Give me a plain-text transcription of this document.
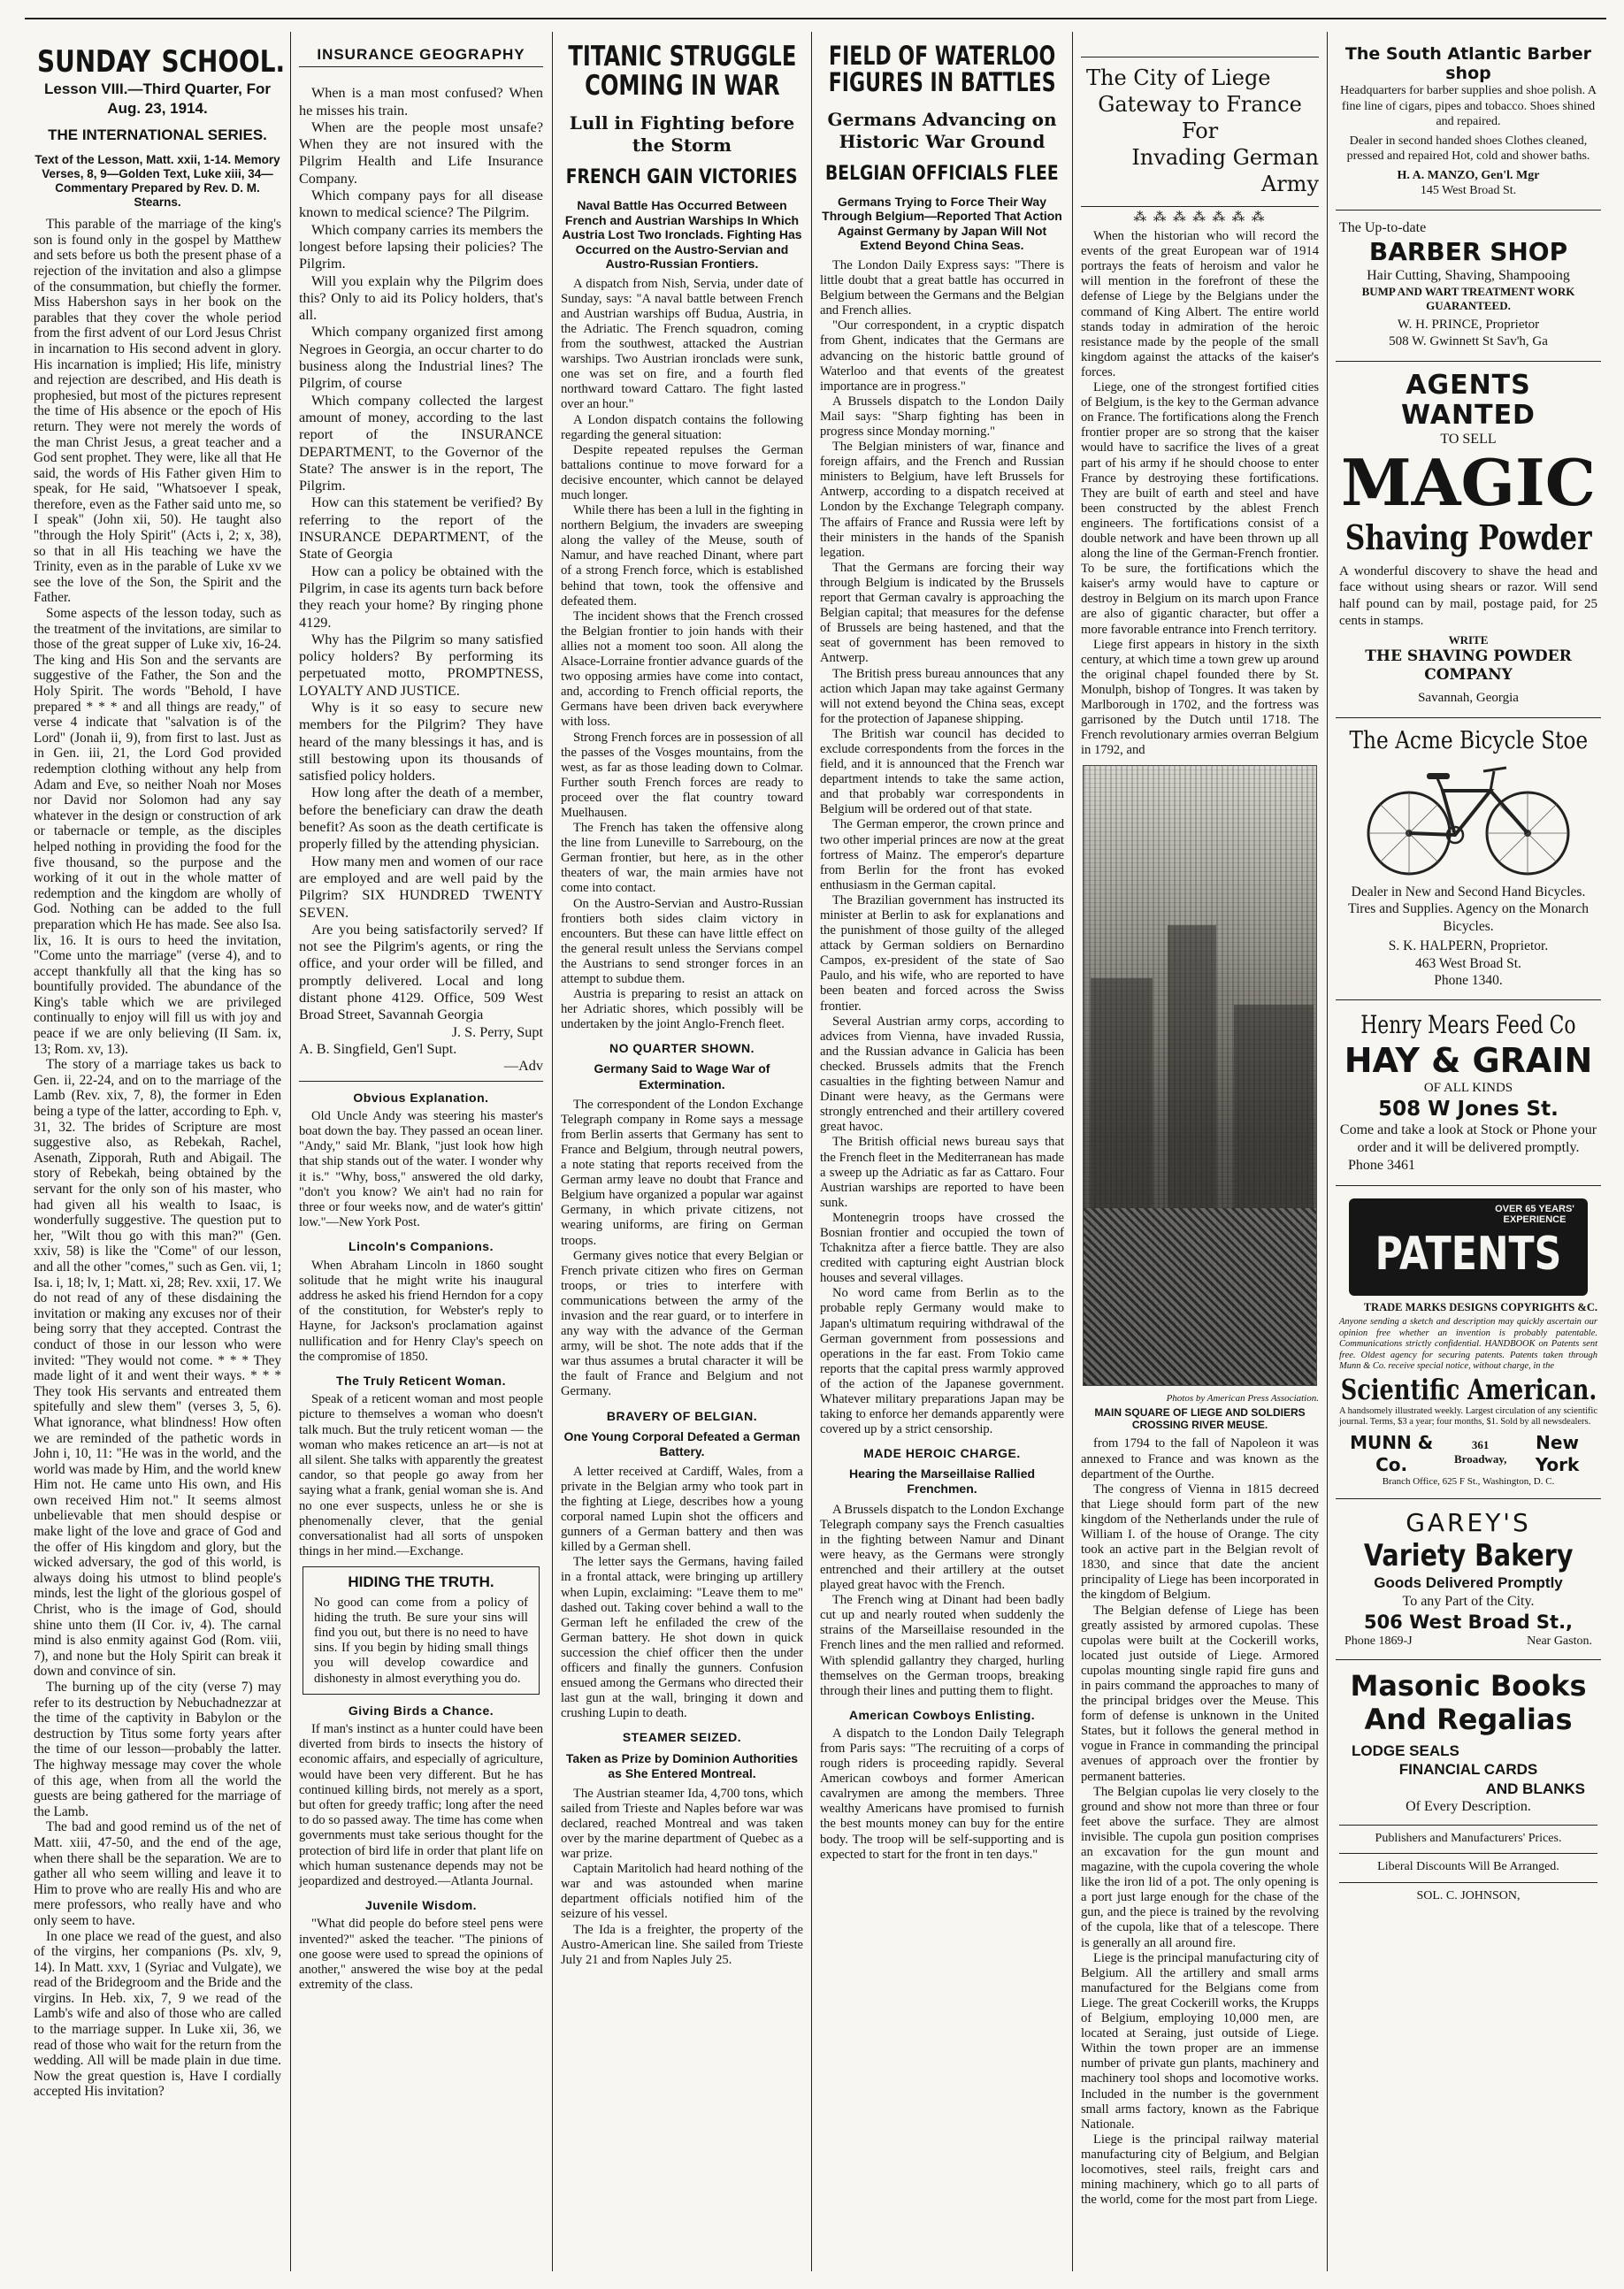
SUNDAY SCHOOL.
Lesson VIII.—Third Quarter, For Aug. 23, 1914.
THE INTERNATIONAL SERIES.
Text of the Lesson, Matt. xxii, 1-14. Memory Verses, 8, 9—Golden Text, Luke xiii, 34—Commentary Prepared by Rev. D. M. Stearns.

This parable of the marriage of the king's son is found only in the gospel by Matthew and sets before us both the present phase of a rejection of the invitation and also a glimpse of the consummation, but chiefly the former. Miss Habershon says in her book on the parables that they cover the whole period from the first advent of our Lord Jesus Christ in incarnation to His second advent in glory. His incarnation is implied; His life, ministry and rejection are described, and His death is prophesied, but most of the pictures represent the time of His absence or the epoch of His return. They were not merely the words of the man Christ Jesus, a great teacher and a God sent prophet. They were, like all that He said, the words of His Father given Him to speak, for He said, "Whatsoever I speak, therefore, even as the Father said unto me, so I speak" (John xii, 50). He taught also "through the Holy Spirit" (Acts i, 2; x, 38), so that in all His teaching we have the Trinity, even as in the parable of Luke xv we see the love of the Son, the Spirit and the Father.

Some aspects of the lesson today, such as the treatment of the invitations, are similar to those of the great supper of Luke xiv, 16-24. The king and His Son and the servants are suggestive of the Father, the Son and the Holy Spirit. The words "Behold, I have prepared * * * and all things are ready," of verse 4 indicate that "salvation is of the Lord" (Jonah ii, 9), from first to last. Just as in Gen. iii, 21, the Lord God provided redemption clothing without any help from Adam and Eve, so neither Noah nor Moses nor David nor Solomon had any say whatever in the design or construction of ark or tabernacle or temple, as the disciples helped nothing in providing the food for the five thousand, so the purpose and the working of it out in the whole matter of redemption and the kingdom are wholly of God. Nothing can be added to the full preparation which He has made. See also Isa. lix, 16. It is ours to heed the invitation, "Come unto the marriage" (verse 4), and to accept thankfully all that the king has so bountifully provided. The abundance of the King's table which we are privileged continually to enjoy will fill us with joy and peace if we are only believing (II Sam. ix, 13; Rom. xv, 13).

The story of a marriage takes us back to Gen. ii, 22-24, and on to the marriage of the Lamb (Rev. xix, 7, 8), the former in Eden being a type of the latter, according to Eph. v, 31, 32. The brides of Scripture are most suggestive also, as Rebekah, Rachel, Asenath, Zipporah, Ruth and Abigail. The story of Rebekah, being obtained by the servant for the only son of his master, who had given all his wealth to Isaac, is wonderfully suggestive. The question put to her, "Wilt thou go with this man?" (Gen. xxiv, 58) is like the "Come" of our lesson, and all the other "comes," such as Gen. vii, 1; Isa. i, 18; lv, 1; Matt. xi, 28; Rev. xxii, 17. We do not read of any of these disdaining the invitation or making any excuses nor of their being sorry that they accepted. Contrast the conduct of those in our lesson who were invited: "They would not come. * * * They made light of it and went their ways. * * * They took His servants and entreated them spitefully and slew them" (verses 3, 5, 6). What ignorance, what blindness! How often we are reminded of the pathetic words in John i, 10, 11: "He was in the world, and the world was made by Him, and the world knew Him not. He came unto His own, and His own received Him not." It seems almost unbelievable that men should despise or make light of the love and grace of God and the offer of His kingdom and glory, but the wicked adversary, the god of this world, is always doing his utmost to blind people's minds, lest the light of the glorious gospel of Christ, who is the image of God, should shine unto them (II Cor. iv, 4). The carnal mind is also enmity against God (Rom. viii, 7), and none but the Holy Spirit can break it down and convince of sin.

The burning up of the city (verse 7) may refer to its destruction by Nebuchadnezzar at the time of the captivity in Babylon or the destruction by Titus some forty years after the time of our lesson—probably the latter. The highway message may cover the whole of this age, when from all the world the guests are being gathered for the marriage of the Lamb.

The bad and good remind us of the net of Matt. xiii, 47-50, and the end of the age, when there shall be the separation. We are to gather all who seem willing and leave it to Him to prove who are really His and who are mere professors, who really have and who only seem to have.

In one place we read of the guest, and also of the virgins, her companions (Ps. xlv, 9, 14). In Matt. xxv, 1 (Syriac and Vulgate), we read of the Bridegroom and the Bride and the virgins. In Heb. xix, 7, 9 we read of the Lamb's wife and also of those who are called to the marriage supper. In Luke xii, 36, we read of those who wait for the return from the wedding. All will be made plain in due time. Now the great question is, Have I cordially accepted His invitation?

INSURANCE GEOGRAPHY

When is a man most confused? When he misses his train.

When are the people most unsafe? When they are not insured with the Pilgrim Health and Life Insurance Company.

Which company pays for all disease known to medical science? The Pilgrim.

Which company carries its members the longest before lapsing their policies? The Pilgrim.

Will you explain why the Pilgrim does this? Only to aid its Policy holders, that's all.

Which company organized first among Negroes in Georgia, an occur charter to do business along the Industrial lines? The Pilgrim, of course

Which company collected the largest amount of money, according to the last report of the INSURANCE DEPARTMENT, to the Governor of the State? The answer is in the report, The Pilgrim.

How can this statement be verified? By referring to the report of the INSURANCE DEPARTMENT, of the State of Georgia

How can a policy be obtained with the Pilgrim, in case its agents turn back before they reach your home? By ringing phone 4129.

Why has the Pilgrim so many satisfied policy holders? By performing its perpetuated motto, PROMPTNESS, LOYALTY AND JUSTICE.

Why is it so easy to secure new members for the Pilgrim? They have heard of the many blessings it has, and is still bestowing upon its thousands of satisfied policy holders.

How long after the death of a member, before the beneficiary can draw the death benefit? As soon as the death certificate is properly filled by the attending physician.

How many men and women of our race are employed and are well paid by the Pilgrim? SIX HUNDRED TWENTY SEVEN.

Are you being satisfactorily served? If not see the Pilgrim's agents, or ring the office, and your order will be filled, and promptly delivered. Local and long distant phone 4129. Office, 509 West Broad Street, Savannah Georgia

J. S. Perry, Supt
A. B. Singfield, Gen'l Supt.
—Adv
Obvious Explanation.

Old Uncle Andy was steering his master's boat down the bay. They passed an ocean liner. "Andy," said Mr. Blank, "just look how high that ship stands out of the water. I wonder why it is." "Why, boss," answered the old darky, "don't you know? We ain't had no rain for three or four weeks now, and de water's gittin' low."—New York Post.

Lincoln's Companions.

When Abraham Lincoln in 1860 sought solitude that he might write his inaugural address he asked his friend Herndon for a copy of the constitution, for Webster's reply to Hayne, for Jackson's proclamation against nullification and for Henry Clay's speech on the compromise of 1850.

The Truly Reticent Woman.

Speak of a reticent woman and most people picture to themselves a woman who doesn't talk much. But the truly reticent woman — the woman who makes reticence an art—is not at all silent. She talks with apparently the greatest candor, so that people go away from her saying what a frank, genial woman she is. And no one ever suspects, unless he or she is phenomenally clever, that the genial conversationalist had all sorts of unspoken things in her mind.—Exchange.

HIDING THE TRUTH.
No good can come from a policy of hiding the truth. Be sure your sins will find you out, but there is no need to have sins. If you begin by hiding small things you will develop cowardice and dishonesty in almost everything you do.
Giving Birds a Chance.

If man's instinct as a hunter could have been diverted from birds to insects the history of economic affairs, and especially of agriculture, would have been very different. But he has continued killing birds, not merely as a sport, but often for greedy traffic; long after the need to do so passed away. The time has come when governments must take serious thought for the protection of bird life in order that plant life on which human sustenance depends may not be jeopardized and destroyed.—Atlanta Journal.

Juvenile Wisdom.

"What did people do before steel pens were invented?" asked the teacher. "The pinions of one goose were used to spread the opinions of another," answered the wise boy at the pedal extremity of the class.

TITANIC STRUGGLE
COMING IN WAR
Lull in Fighting before the Storm
FRENCH GAIN VICTORIES
Naval Battle Has Occurred Between French and Austrian Warships In Which Austria Lost Two Ironclads. Fighting Has Occurred on the Austro-Servian and Austro-Russian Frontiers.

A dispatch from Nish, Servia, under date of Sunday, says: "A naval battle between French and Austrian warships off Budua, Austria, in the Adriatic. The French squadron, coming from the southwest, attacked the Austrian warships. Two Austrian ironclads were sunk, one was set on fire, and a fourth fled northward toward Cattaro. The fight lasted over an hour."

A London dispatch contains the following regarding the general situation:

Despite repeated repulses the German battalions continue to move forward for a decisive encounter, which cannot be delayed much longer.

While there has been a lull in the fighting in northern Belgium, the invaders are sweeping along the valley of the Meuse, south of Namur, and have reached Dinant, where part of a strong French force, which is established behind that town, took the offensive and defeated them.

The incident shows that the French crossed the Belgian frontier to join hands with their allies not a moment too soon. All along the Alsace-Lorraine frontier advance guards of the two opposing armies have come into contact, and, according to French official reports, the Germans have been driven back everywhere with loss.

Strong French forces are in possession of all the passes of the Vosges mountains, from the west, as far as those leading down to Colmar. Further south French forces are ready to proceed over the flat country toward Muelhausen.

The French has taken the offensive along the line from Luneville to Sarrebourg, on the German frontier, but here, as in the other theaters of war, the main armies have not come into contact.

On the Austro-Servian and Austro-Russian frontiers both sides claim victory in encounters. But these can have little effect on the general result unless the Servians compel the Austrians to send stronger forces in an attempt to subdue them.

Austria is preparing to resist an attack on her Adriatic shores, which possibly will be undertaken by the joint Anglo-French fleet.

NO QUARTER SHOWN.
Germany Said to Wage War of Extermination.

The correspondent of the London Exchange Telegraph company in Rome says a message from Berlin asserts that Germany has sent to France and Belgium, through neutral powers, a note stating that reports received from the German army leave no doubt that France and Belgium have organized a popular war against Germany, in which private citizens, not wearing uniforms, are firing on German troops.

Germany gives notice that every Belgian or French private citizen who fires on German troops, or tries to interfere with communications between the army of the invasion and the rear guard, or to interfere in any way with the advance of the German army, will be shot. The note adds that if the war thus assumes a brutal character it will be the fault of France and Belgium and not Germany.

BRAVERY OF BELGIAN.
One Young Corporal Defeated a German Battery.

A letter received at Cardiff, Wales, from a private in the Belgian army who took part in the fighting at Liege, describes how a young corporal named Lupin shot the officers and gunners of a German battery and then was killed by a German shell.

The letter says the Germans, having failed in a frontal attack, were bringing up artillery when Lupin, exclaiming: "Leave them to me" dashed out. Taking cover behind a wall to the German left he enfiladed the crew of the German battery. He shot down in quick succession the chief officer then the under officers and finally the gunners. Confusion ensued among the Germans who directed their last gun at the wall, bringing it down and crushing Lupin to death.

STEAMER SEIZED.
Taken as Prize by Dominion Authorities as She Entered Montreal.

The Austrian steamer Ida, 4,700 tons, which sailed from Trieste and Naples before war was declared, reached Montreal and was taken over by the marine department of Quebec as a war prize.

Captain Maritolich had heard nothing of the war and was astounded when marine department officials notified him of the seizure of his vessel.

The Ida is a freighter, the property of the Austro-American line. She sailed from Trieste July 21 and from Naples July 25.

FIELD OF WATERLOO
FIGURES IN BATTLES
Germans Advancing on Historic War Ground
BELGIAN OFFICIALS FLEE
Germans Trying to Force Their Way Through Belgium—Reported That Action Against Germany by Japan Will Not Extend Beyond China Seas.

The London Daily Express says: "There is little doubt that a great battle has occurred in Belgium between the Germans and the Belgian and French allies.

"Our correspondent, in a cryptic dispatch from Ghent, indicates that the Germans are advancing on the historic battle ground of Waterloo and that events of the greatest importance are in progress."

A Brussels dispatch to the London Daily Mail says: "Sharp fighting has been in progress since Monday morning."

The Belgian ministers of war, finance and foreign affairs, and the French and Russian ministers to Belgium, have left Brussels for Antwerp, according to a dispatch received at London by the Exchange Telegraph company. The affairs of France and Russia were left by their ministers in the hands of the Spanish legation.

That the Germans are forcing their way through Belgium is indicated by the Brussels report that German cavalry is approaching the Belgian capital; that measures for the defense of Brussels are being hastened, and that the seat of government has been removed to Antwerp.

The British press bureau announces that any action which Japan may take against Germany will not extend beyond the China seas, except for the protection of Japanese shipping.

The British war council has decided to exclude correspondents from the forces in the field, and it is announced that the French war department intends to take the same action, and that probably war correspondents in Belgium will be ordered out of that state.

The German emperor, the crown prince and two other imperial princes are now at the great fortress of Mainz. The emperor's departure from Berlin for the front has evoked enthusiasm in the German capital.

The Brazilian government has instructed its minister at Berlin to ask for explanations and the punishment of those guilty of the alleged attack by German soldiers on Bernardino Campos, ex-president of the state of Sao Paulo, and his wife, who are reported to have been beaten and forced across the Swiss frontier.

Several Austrian army corps, according to advices from Vienna, have invaded Russia, and the Russian advance in Galicia has been checked. Brussels admits that the French casualties in the fighting between Namur and Dinant were heavy, as the Germans were strongly entrenched and their artillery covered great havoc.

The British official news bureau says that the French fleet in the Mediterranean has made a sweep up the Adriatic as far as Cattaro. Four Austrian warships are reported to have been sunk.

Montenegrin troops have crossed the Bosnian frontier and occupied the town of Tchaknitza after a fierce battle. They are also credited with capturing eight Austrian block houses and several villages.

No word came from Berlin as to the probable reply Germany would make to Japan's ultimatum requiring withdrawal of the German government from possessions and operations in the far east. From Tokio came reports that the capital press warmly approved of the action of the Japanese government. Whatever military preparations Japan may be taking to enforce her demands apparently were covered up by a strict censorship.

MADE HEROIC CHARGE.
Hearing the Marseillaise Rallied Frenchmen.

A Brussels dispatch to the London Exchange Telegraph company says the French casualties in the fighting between Namur and Dinant were heavy, as the Germans were strongly entrenched and their artillery at the outset played great havoc with the French.

The French wing at Dinant had been badly cut up and nearly routed when suddenly the strains of the Marseillaise resounded in the French lines and the men rallied and reformed. With splendid gallantry they charged, hurling themselves on the German troops, breaking through their lines and putting them to flight.

American Cowboys Enlisting.

A dispatch to the London Daily Telegraph from Paris says: "The recruiting of a corps of rough riders is proceeding rapidly. Several American cowboys and former American cavalrymen are among the members. Three wealthy Americans have promised to furnish the best mounts money can buy for the entire body. The troop will be self-supporting and is expected to start for the front in ten days."

The City of Liege
Gateway to France For
Invading German Army
⁂ ⁂ ⁂ ⁂ ⁂ ⁂ ⁂

When the historian who will record the events of the great European war of 1914 portrays the feats of heroism and valor he will mention in the forefront of these the defense of Liege by the Belgians under the command of King Albert. The entire world stands today in admiration of the heroic resistance made by the people of the small kingdom against the attacks of the kaiser's forces.

Liege, one of the strongest fortified cities of Belgium, is the key to the German advance on France. The fortifications along the French frontier proper are so strong that the kaiser would have to sacrifice the lives of a great part of his army if he should choose to enter France by destroying these fortifications. They are built of earth and steel and have been constructed by the ablest French engineers. The fortifications consist of a double network and have been thrown up all along the line of the German-French frontier. To be sure, the fortifications which the kaiser's army would have to capture or destroy in Belgium on its march upon France are also of gigantic character, but offer a more favorable entrance into French territory.

Liege first appears in history in the sixth century, at which time a town grew up around the original chapel founded there by St. Monulph, bishop of Tongres. It was taken by Marlborough in 1702, and the fortress was garrisoned by the Dutch until 1718. The French revolutionary armies overran Belgium in 1792, and

Photos by American Press Association.
MAIN SQUARE OF LIEGE AND SOLDIERS CROSSING RIVER MEUSE.

from 1794 to the fall of Napoleon it was annexed to France and was known as the department of the Ourthe.

The congress of Vienna in 1815 decreed that Liege should form part of the new kingdom of the Netherlands under the rule of William I. of the house of Orange. The city took an active part in the Belgian revolt of 1830, and since that date the ancient principality of Liege has been incorporated in the kingdom of Belgium.

The Belgian defense of Liege has been greatly assisted by armored cupolas. These cupolas were built at the Cockerill works, located just outside of Liege. Armored cupolas mounting single rapid fire guns and in pairs command the approaches to many of the principal bridges over the Meuse. This form of defense is unknown in the United States, but it follows the general method in vogue in France in commanding the principal avenues of approach over the frontier by permanent batteries.

The Belgian cupolas lie very closely to the ground and show not more than three or four feet above the surface. They are almost invisible. The cupola gun position comprises an excavation for the gun mount and magazine, with the cupola covering the whole like the iron lid of a pot. The only opening is a port just large enough for the chase of the gun, and the piece is trained by the revolving of the cupola, like that of a telescope. There is generally an all around fire.

Liege is the principal manufacturing city of Belgium. All the artillery and small arms manufactured for the Belgians come from Liege. The great Cockerill works, the Krupps of Belgium, employing 10,000 men, are located at Seraing, just outside of Liege. Within the town proper are an immense number of private gun plants, machinery and machinery tool shops and locomotive works. Included in the number is the government small arms factory, known as the Fabrique Nationale.

Liege is the principal railway material manufacturing city of Belgium, and Belgian locomotives, steel rails, freight cars and mining machinery, which go to all parts of the world, come for the most part from Liege.

The South Atlantic Barber shop
Headquarters for barber supplies and shoe polish. A fine line of cigars, pipes and tobacco. Shoes shined and repaired.
Dealer in second handed shoes Clothes cleaned, pressed and repaired Hot, cold and shower baths.
H. A. MANZO, Gen'l. Mgr
145 West Broad St.
The Up-to-date
BARBER SHOP
Hair Cutting, Shaving, Shampooing
BUMP AND WART TREATMENT WORK GUARANTEED.
W. H. PRINCE, Proprietor
508 W. Gwinnett St Sav'h, Ga
AGENTS WANTED
TO SELL
MAGIC
Shaving Powder
A wonderful discovery to shave the head and face without using shears or razor. Will send half pound can by mail, postage paid, for 25 cents in stamps.
WRITE
THE SHAVING POWDER COMPANY
Savannah, Georgia
The Acme Bicycle Stoe
Dealer in New and Second Hand Bicycles. Tires and Supplies. Agency on the Monarch Bicycles.
S. K. HALPERN, Proprietor.
463 West Broad St.
Phone 1340.
Henry Mears Feed Co
HAY & GRAIN
OF ALL KINDS
508 W Jones St.
Come and take a look at Stock or Phone your order and it will be delivered promptly.
Phone 3461
OVER 65 YEARS' EXPERIENCE
PATENTS
TRADE MARKS DESIGNS COPYRIGHTS &C.
Anyone sending a sketch and description may quickly ascertain our opinion free whether an invention is probably patentable. Communications strictly confidential. HANDBOOK on Patents sent free. Oldest agency for securing patents. Patents taken through Munn & Co. receive special notice, without charge, in the
Scientific American.
A handsomely illustrated weekly. Largest circulation of any scientific journal. Terms, $3 a year; four months, $1. Sold by all newsdealers.
MUNN & Co.
361 Broadway,
New York
Branch Office, 625 F St., Washington, D. C.
GAREY'S
Variety Bakery
Goods Delivered Promptly
To any Part of the City.
506 West Broad St.,
Phone 1869-J	Near Gaston.
Masonic Books
And Regalias
LODGE SEALS
FINANCIAL CARDS
AND BLANKS
Of Every Description.
Publishers and Manufacturers' Prices.
Liberal Discounts Will Be Arranged.
SOL. C. JOHNSON,
